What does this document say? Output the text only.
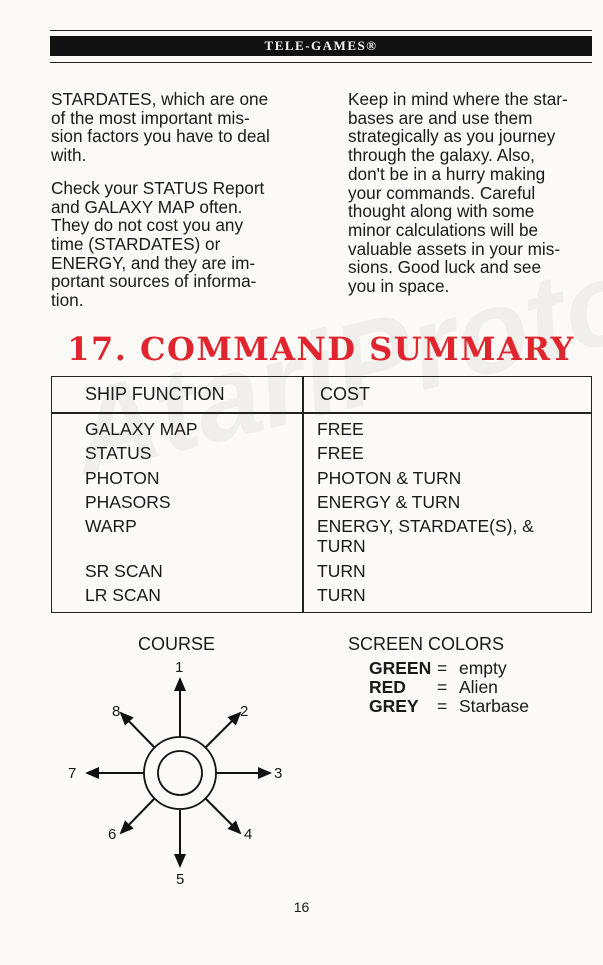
TELE-GAMES®

STARDATES, which are one
of the most important mis-
sion factors you have to deal
with.

Check your STATUS Report
and GALAXY MAP often.
They do not cost you any
time (STARDATES) or
ENERGY, and they are im-
portant sources of informa-
tion.

Keep in mind where the star-
bases are and use them
strategically as you journey
through the galaxy. Also,
don't be in a hurry making
your commands. Careful
thought along with some
minor calculations will be
valuable assets in your mis-
sions. Good luck and see
you in space.

17. COMMAND SUMMARY
SHIP FUNCTION	COST
GALAXY MAP	FREE
STATUS	FREE
PHOTON	PHOTON & TURN
PHASORS	ENERGY & TURN
WARP	ENERGY, STARDATE(S), &
TURN
SR SCAN	TURN
LR SCAN	TURN
COURSE
1
2
3
4
5
6
7
8
SCREEN COLORS
GREEN = empty
RED = Alien
GREY = Starbase
16
